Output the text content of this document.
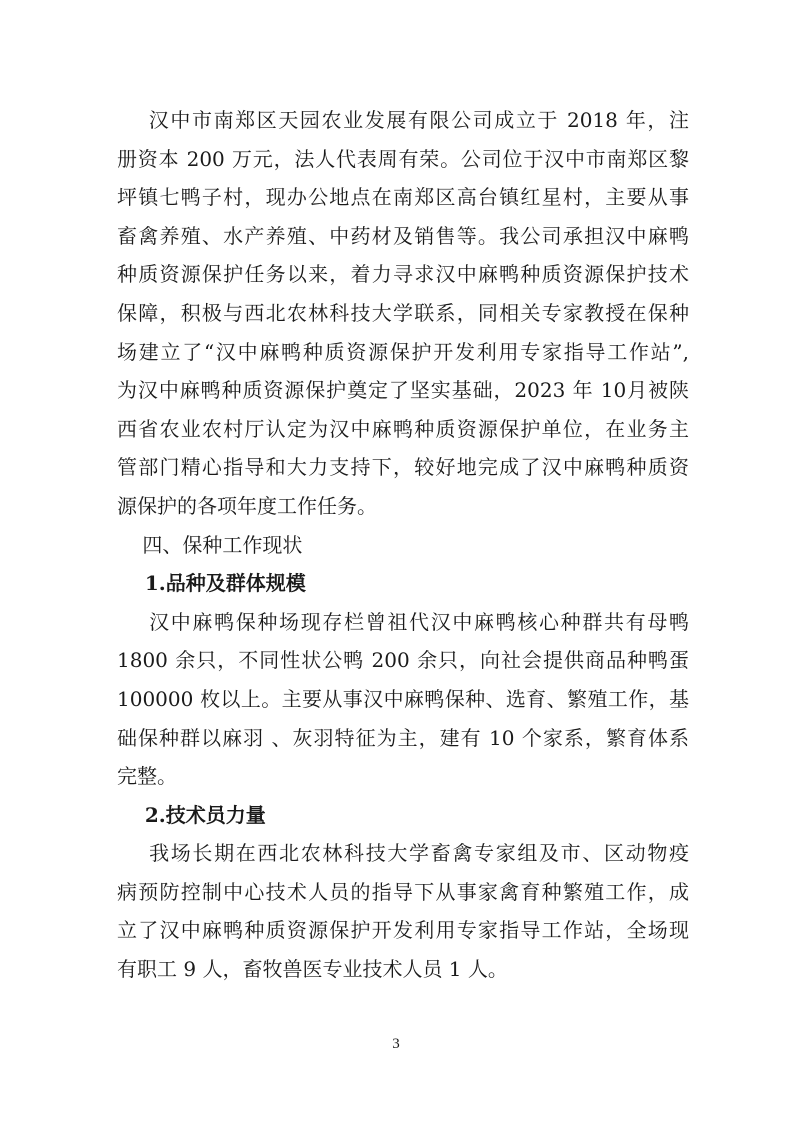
汉中市南郑区天园农业发展有限公司成立于 2018 年，注
册资本 200 万元，法人代表周有荣。公司位于汉中市南郑区黎
坪镇七鸭子村，现办公地点在南郑区高台镇红星村，主要从事
畜禽养殖、水产养殖、中药材及销售等。我公司承担汉中麻鸭
种质资源保护任务以来，着力寻求汉中麻鸭种质资源保护技术
保障，积极与西北农林科技大学联系，同相关专家教授在保种
场建立了“汉中麻鸭种质资源保护开发利用专家指导工作站”,
为汉中麻鸭种质资源保护奠定了坚实基础，2023 年 10月被陕
西省农业农村厅认定为汉中麻鸭种质资源保护单位，在业务主
管部门精心指导和大力支持下，较好地完成了汉中麻鸭种质资
源保护的各项年度工作任务。
四、保种工作现状
1.品种及群体规模
汉中麻鸭保种场现存栏曾祖代汉中麻鸭核心种群共有母鸭
1800 余只，不同性状公鸭 200 余只，向社会提供商品种鸭蛋
100000 枚以上。主要从事汉中麻鸭保种、选育、繁殖工作，基
础保种群以麻羽 、灰羽特征为主，建有 10 个家系，繁育体系
完整。
2.技术员力量
我场长期在西北农林科技大学畜禽专家组及市、区动物疫
病预防控制中心技术人员的指导下从事家禽育种繁殖工作，成
立了汉中麻鸭种质资源保护开发利用专家指导工作站，全场现
有职工 9 人，畜牧兽医专业技术人员 1 人。
3
